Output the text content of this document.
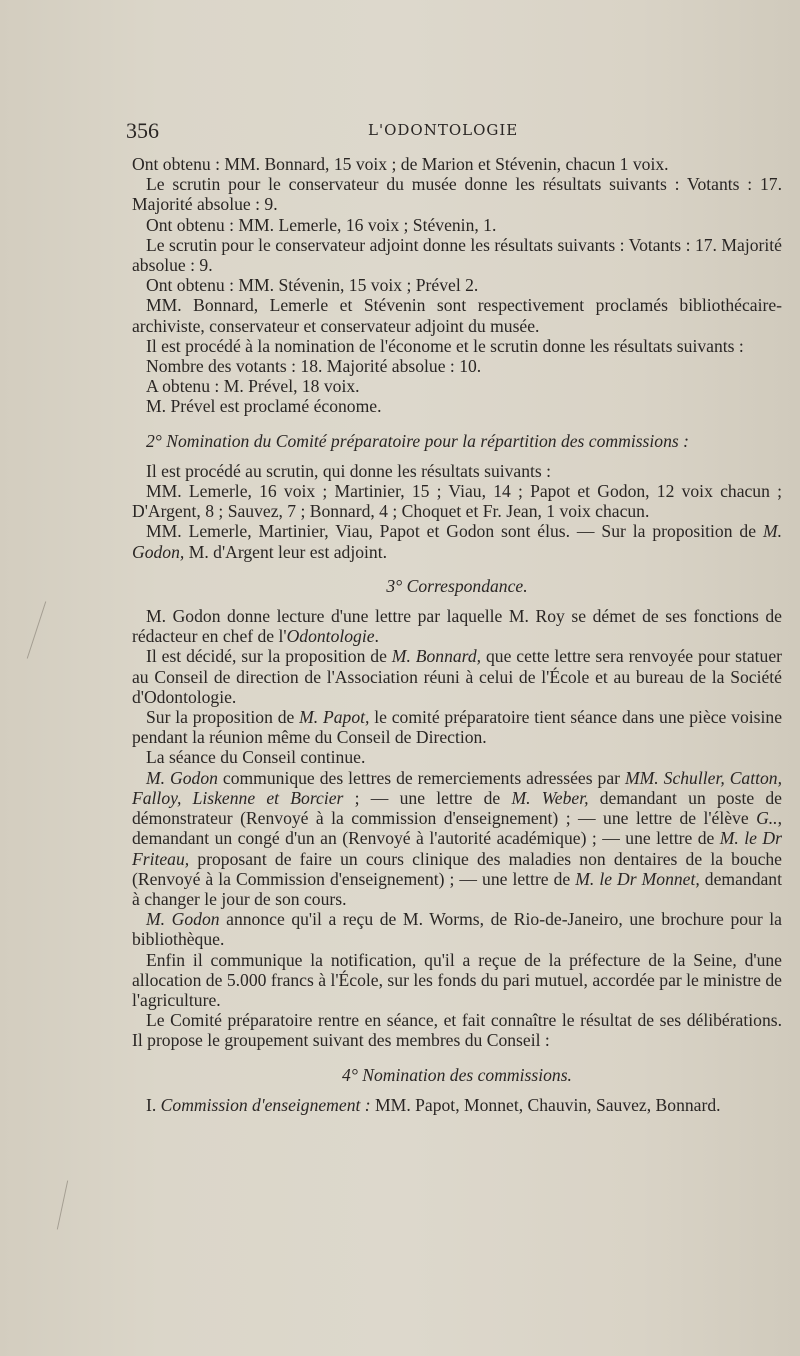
356	L'ODONTOLOGIE

Ont obtenu : MM. Bonnard, 15 voix ; de Marion et Stévenin, chacun 1 voix.

Le scrutin pour le conservateur du musée donne les résultats suivants : Votants : 17. Majorité absolue : 9.

Ont obtenu : MM. Lemerle, 16 voix ; Stévenin, 1.

Le scrutin pour le conservateur adjoint donne les résultats suivants : Votants : 17. Majorité absolue : 9.

Ont obtenu : MM. Stévenin, 15 voix ; Prével 2.

MM. Bonnard, Lemerle et Stévenin sont respectivement proclamés bibliothécaire-archiviste, conservateur et conservateur adjoint du musée.

Il est procédé à la nomination de l'économe et le scrutin donne les résultats suivants :

Nombre des votants : 18. Majorité absolue : 10.

A obtenu : M. Prével, 18 voix.

M. Prével est proclamé économe.

2° Nomination du Comité préparatoire pour la répartition des commissions :

Il est procédé au scrutin, qui donne les résultats suivants :

MM. Lemerle, 16 voix ; Martinier, 15 ; Viau, 14 ; Papot et Godon, 12 voix chacun ; D'Argent, 8 ; Sauvez, 7 ; Bonnard, 4 ; Choquet et Fr. Jean, 1 voix chacun.

MM. Lemerle, Martinier, Viau, Papot et Godon sont élus. — Sur la proposition de M. Godon, M. d'Argent leur est adjoint.

3° Correspondance.

M. Godon donne lecture d'une lettre par laquelle M. Roy se démet de ses fonctions de rédacteur en chef de l'Odontologie.

Il est décidé, sur la proposition de M. Bonnard, que cette lettre sera renvoyée pour statuer au Conseil de direction de l'Association réuni à celui de l'École et au bureau de la Société d'Odontologie.

Sur la proposition de M. Papot, le comité préparatoire tient séance dans une pièce voisine pendant la réunion même du Conseil de Direction.

La séance du Conseil continue.

M. Godon communique des lettres de remerciements adressées par MM. Schuller, Catton, Falloy, Liskenne et Borcier ; — une lettre de M. Weber, demandant un poste de démonstrateur (Renvoyé à la commission d'enseignement) ; — une lettre de l'élève G.., demandant un congé d'un an (Renvoyé à l'autorité académique) ; — une lettre de M. le Dr Friteau, proposant de faire un cours clinique des maladies non dentaires de la bouche (Renvoyé à la Commission d'enseignement) ; — une lettre de M. le Dr Monnet, demandant à changer le jour de son cours.

M. Godon annonce qu'il a reçu de M. Worms, de Rio-de-Janeiro, une brochure pour la bibliothèque.

Enfin il communique la notification, qu'il a reçue de la préfecture de la Seine, d'une allocation de 5.000 francs à l'École, sur les fonds du pari mutuel, accordée par le ministre de l'agriculture.

Le Comité préparatoire rentre en séance, et fait connaître le résultat de ses délibérations. Il propose le groupement suivant des membres du Conseil :

4° Nomination des commissions.

I. Commission d'enseignement : MM. Papot, Monnet, Chauvin, Sauvez, Bonnard.
